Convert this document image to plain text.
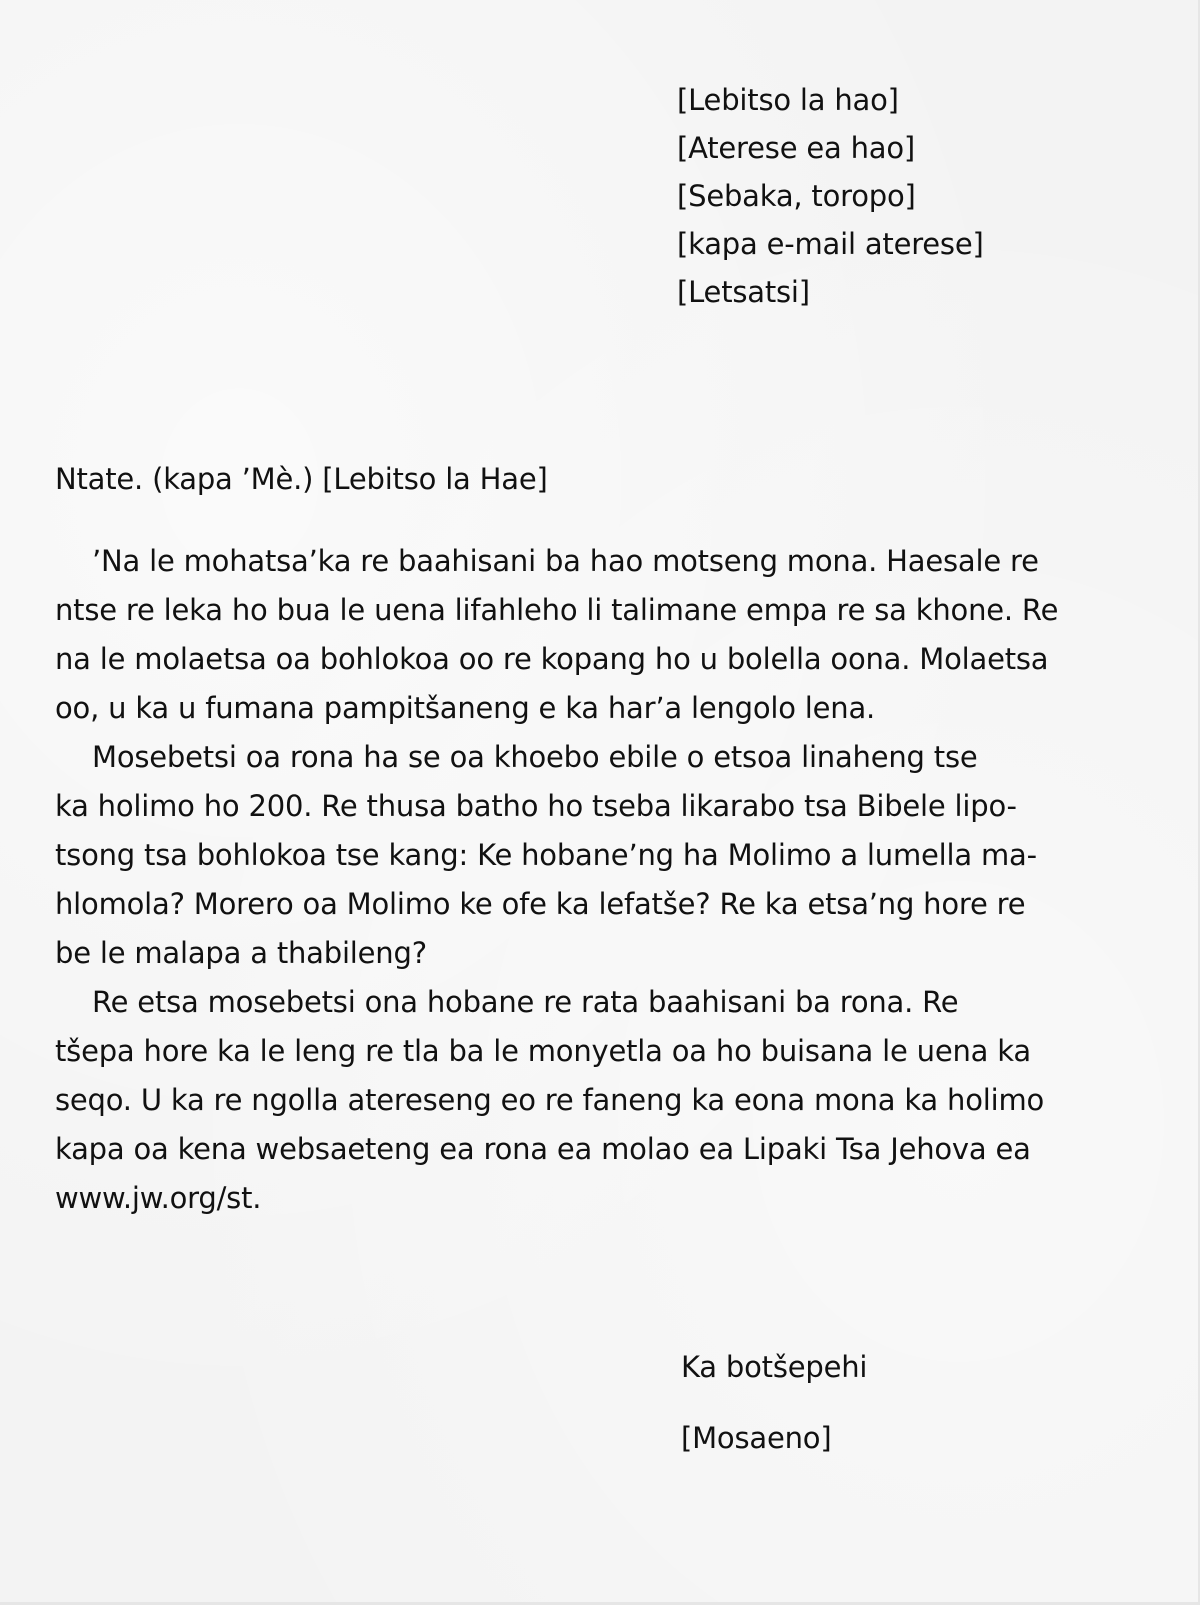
[Lebitso la hao]
[Aterese ea hao]
[Sebaka, toropo]
[kapa e-mail aterese]
[Letsatsi]
Ntate. (kapa ’Mè.) [Lebitso la Hae]
’Na le mohatsa’ka re baahisani ba hao motseng mona. Haesale re
ntse re leka ho bua le uena lifahleho li talimane empa re sa khone. Re
na le molaetsa oa bohlokoa oo re kopang ho u bolella oona. Molaetsa
oo, u ka u fumana pampitšaneng e ka har’a lengolo lena.
Mosebetsi oa rona ha se oa khoebo ebile o etsoa linaheng tse
ka holimo ho 200. Re thusa batho ho tseba likarabo tsa Bibele lipo-
tsong tsa bohlokoa tse kang: Ke hobane’ng ha Molimo a lumella ma-
hlomola? Morero oa Molimo ke ofe ka lefatše? Re ka etsa’ng hore re
be le malapa a thabileng?
Re etsa mosebetsi ona hobane re rata baahisani ba rona. Re
tšepa hore ka le leng re tla ba le monyetla oa ho buisana le uena ka
seqo. U ka re ngolla atereseng eo re faneng ka eona mona ka holimo
kapa oa kena websaeteng ea rona ea molao ea Lipaki Tsa Jehova ea
www.jw.org/st.
Ka botšepehi
[Mosaeno]
